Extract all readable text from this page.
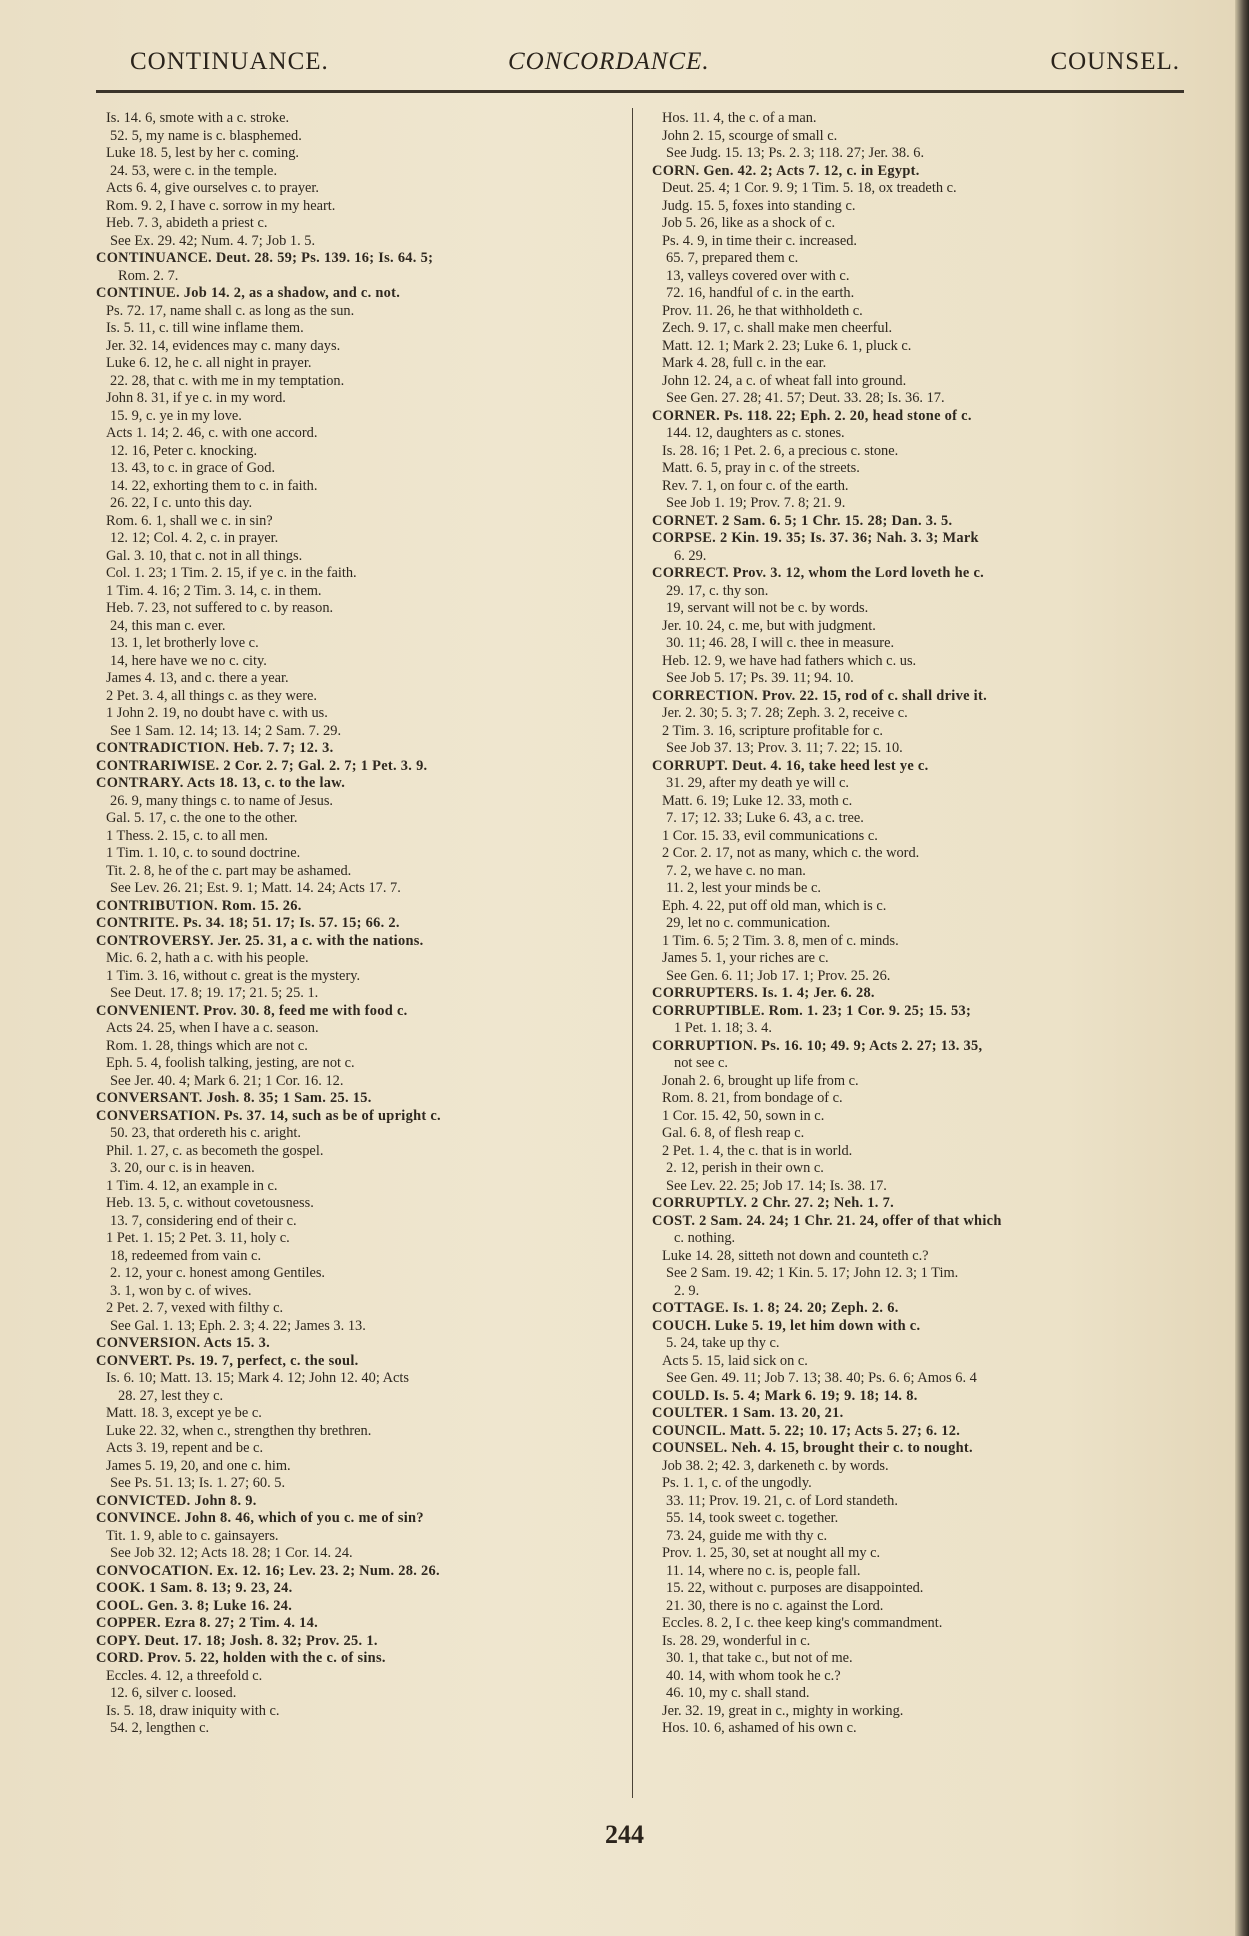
CONTINUANCE.	CONCORDANCE.	COUNSEL.
Is. 14. 6, smote with a c. stroke.
52. 5, my name is c. blasphemed.
Luke 18. 5, lest by her c. coming.
24. 53, were c. in the temple.
Acts 6. 4, give ourselves c. to prayer.
Rom. 9. 2, I have c. sorrow in my heart.
Heb. 7. 3, abideth a priest c.
See Ex. 29. 42; Num. 4. 7; Job 1. 5.
CONTINUANCE. Deut. 28. 59; Ps. 139. 16; Is. 64. 5;
Rom. 2. 7.
CONTINUE. Job 14. 2, as a shadow, and c. not.
Ps. 72. 17, name shall c. as long as the sun.
Is. 5. 11, c. till wine inflame them.
Jer. 32. 14, evidences may c. many days.
Luke 6. 12, he c. all night in prayer.
22. 28, that c. with me in my temptation.
John 8. 31, if ye c. in my word.
15. 9, c. ye in my love.
Acts 1. 14; 2. 46, c. with one accord.
12. 16, Peter c. knocking.
13. 43, to c. in grace of God.
14. 22, exhorting them to c. in faith.
26. 22, I c. unto this day.
Rom. 6. 1, shall we c. in sin?
12. 12; Col. 4. 2, c. in prayer.
Gal. 3. 10, that c. not in all things.
Col. 1. 23; 1 Tim. 2. 15, if ye c. in the faith.
1 Tim. 4. 16; 2 Tim. 3. 14, c. in them.
Heb. 7. 23, not suffered to c. by reason.
24, this man c. ever.
13. 1, let brotherly love c.
14, here have we no c. city.
James 4. 13, and c. there a year.
2 Pet. 3. 4, all things c. as they were.
1 John 2. 19, no doubt have c. with us.
See 1 Sam. 12. 14; 13. 14; 2 Sam. 7. 29.
CONTRADICTION. Heb. 7. 7; 12. 3.
CONTRARIWISE. 2 Cor. 2. 7; Gal. 2. 7; 1 Pet. 3. 9.
CONTRARY. Acts 18. 13, c. to the law.
26. 9, many things c. to name of Jesus.
Gal. 5. 17, c. the one to the other.
1 Thess. 2. 15, c. to all men.
1 Tim. 1. 10, c. to sound doctrine.
Tit. 2. 8, he of the c. part may be ashamed.
See Lev. 26. 21; Est. 9. 1; Matt. 14. 24; Acts 17. 7.
CONTRIBUTION. Rom. 15. 26.
CONTRITE. Ps. 34. 18; 51. 17; Is. 57. 15; 66. 2.
CONTROVERSY. Jer. 25. 31, a c. with the nations.
Mic. 6. 2, hath a c. with his people.
1 Tim. 3. 16, without c. great is the mystery.
See Deut. 17. 8; 19. 17; 21. 5; 25. 1.
CONVENIENT. Prov. 30. 8, feed me with food c.
Acts 24. 25, when I have a c. season.
Rom. 1. 28, things which are not c.
Eph. 5. 4, foolish talking, jesting, are not c.
See Jer. 40. 4; Mark 6. 21; 1 Cor. 16. 12.
CONVERSANT. Josh. 8. 35; 1 Sam. 25. 15.
CONVERSATION. Ps. 37. 14, such as be of upright c.
50. 23, that ordereth his c. aright.
Phil. 1. 27, c. as becometh the gospel.
3. 20, our c. is in heaven.
1 Tim. 4. 12, an example in c.
Heb. 13. 5, c. without covetousness.
13. 7, considering end of their c.
1 Pet. 1. 15; 2 Pet. 3. 11, holy c.
18, redeemed from vain c.
2. 12, your c. honest among Gentiles.
3. 1, won by c. of wives.
2 Pet. 2. 7, vexed with filthy c.
See Gal. 1. 13; Eph. 2. 3; 4. 22; James 3. 13.
CONVERSION. Acts 15. 3.
CONVERT. Ps. 19. 7, perfect, c. the soul.
Is. 6. 10; Matt. 13. 15; Mark 4. 12; John 12. 40; Acts
28. 27, lest they c.
Matt. 18. 3, except ye be c.
Luke 22. 32, when c., strengthen thy brethren.
Acts 3. 19, repent and be c.
James 5. 19, 20, and one c. him.
See Ps. 51. 13; Is. 1. 27; 60. 5.
CONVICTED. John 8. 9.
CONVINCE. John 8. 46, which of you c. me of sin?
Tit. 1. 9, able to c. gainsayers.
See Job 32. 12; Acts 18. 28; 1 Cor. 14. 24.
CONVOCATION. Ex. 12. 16; Lev. 23. 2; Num. 28. 26.
COOK. 1 Sam. 8. 13; 9. 23, 24.
COOL. Gen. 3. 8; Luke 16. 24.
COPPER. Ezra 8. 27; 2 Tim. 4. 14.
COPY. Deut. 17. 18; Josh. 8. 32; Prov. 25. 1.
CORD. Prov. 5. 22, holden with the c. of sins.
Eccles. 4. 12, a threefold c.
12. 6, silver c. loosed.
Is. 5. 18, draw iniquity with c.
54. 2, lengthen c.
Hos. 11. 4, the c. of a man.
John 2. 15, scourge of small c.
See Judg. 15. 13; Ps. 2. 3; 118. 27; Jer. 38. 6.
CORN. Gen. 42. 2; Acts 7. 12, c. in Egypt.
Deut. 25. 4; 1 Cor. 9. 9; 1 Tim. 5. 18, ox treadeth c.
Judg. 15. 5, foxes into standing c.
Job 5. 26, like as a shock of c.
Ps. 4. 9, in time their c. increased.
65. 7, prepared them c.
13, valleys covered over with c.
72. 16, handful of c. in the earth.
Prov. 11. 26, he that withholdeth c.
Zech. 9. 17, c. shall make men cheerful.
Matt. 12. 1; Mark 2. 23; Luke 6. 1, pluck c.
Mark 4. 28, full c. in the ear.
John 12. 24, a c. of wheat fall into ground.
See Gen. 27. 28; 41. 57; Deut. 33. 28; Is. 36. 17.
CORNER. Ps. 118. 22; Eph. 2. 20, head stone of c.
144. 12, daughters as c. stones.
Is. 28. 16; 1 Pet. 2. 6, a precious c. stone.
Matt. 6. 5, pray in c. of the streets.
Rev. 7. 1, on four c. of the earth.
See Job 1. 19; Prov. 7. 8; 21. 9.
CORNET. 2 Sam. 6. 5; 1 Chr. 15. 28; Dan. 3. 5.
CORPSE. 2 Kin. 19. 35; Is. 37. 36; Nah. 3. 3; Mark
6. 29.
CORRECT. Prov. 3. 12, whom the Lord loveth he c.
29. 17, c. thy son.
19, servant will not be c. by words.
Jer. 10. 24, c. me, but with judgment.
30. 11; 46. 28, I will c. thee in measure.
Heb. 12. 9, we have had fathers which c. us.
See Job 5. 17; Ps. 39. 11; 94. 10.
CORRECTION. Prov. 22. 15, rod of c. shall drive it.
Jer. 2. 30; 5. 3; 7. 28; Zeph. 3. 2, receive c.
2 Tim. 3. 16, scripture profitable for c.
See Job 37. 13; Prov. 3. 11; 7. 22; 15. 10.
CORRUPT. Deut. 4. 16, take heed lest ye c.
31. 29, after my death ye will c.
Matt. 6. 19; Luke 12. 33, moth c.
7. 17; 12. 33; Luke 6. 43, a c. tree.
1 Cor. 15. 33, evil communications c.
2 Cor. 2. 17, not as many, which c. the word.
7. 2, we have c. no man.
11. 2, lest your minds be c.
Eph. 4. 22, put off old man, which is c.
29, let no c. communication.
1 Tim. 6. 5; 2 Tim. 3. 8, men of c. minds.
James 5. 1, your riches are c.
See Gen. 6. 11; Job 17. 1; Prov. 25. 26.
CORRUPTERS. Is. 1. 4; Jer. 6. 28.
CORRUPTIBLE. Rom. 1. 23; 1 Cor. 9. 25; 15. 53;
1 Pet. 1. 18; 3. 4.
CORRUPTION. Ps. 16. 10; 49. 9; Acts 2. 27; 13. 35,
not see c.
Jonah 2. 6, brought up life from c.
Rom. 8. 21, from bondage of c.
1 Cor. 15. 42, 50, sown in c.
Gal. 6. 8, of flesh reap c.
2 Pet. 1. 4, the c. that is in world.
2. 12, perish in their own c.
See Lev. 22. 25; Job 17. 14; Is. 38. 17.
CORRUPTLY. 2 Chr. 27. 2; Neh. 1. 7.
COST. 2 Sam. 24. 24; 1 Chr. 21. 24, offer of that which
c. nothing.
Luke 14. 28, sitteth not down and counteth c.?
See 2 Sam. 19. 42; 1 Kin. 5. 17; John 12. 3; 1 Tim.
2. 9.
COTTAGE. Is. 1. 8; 24. 20; Zeph. 2. 6.
COUCH. Luke 5. 19, let him down with c.
5. 24, take up thy c.
Acts 5. 15, laid sick on c.
See Gen. 49. 11; Job 7. 13; 38. 40; Ps. 6. 6; Amos 6. 4
COULD. Is. 5. 4; Mark 6. 19; 9. 18; 14. 8.
COULTER. 1 Sam. 13. 20, 21.
COUNCIL. Matt. 5. 22; 10. 17; Acts 5. 27; 6. 12.
COUNSEL. Neh. 4. 15, brought their c. to nought.
Job 38. 2; 42. 3, darkeneth c. by words.
Ps. 1. 1, c. of the ungodly.
33. 11; Prov. 19. 21, c. of Lord standeth.
55. 14, took sweet c. together.
73. 24, guide me with thy c.
Prov. 1. 25, 30, set at nought all my c.
11. 14, where no c. is, people fall.
15. 22, without c. purposes are disappointed.
21. 30, there is no c. against the Lord.
Eccles. 8. 2, I c. thee keep king's commandment.
Is. 28. 29, wonderful in c.
30. 1, that take c., but not of me.
40. 14, with whom took he c.?
46. 10, my c. shall stand.
Jer. 32. 19, great in c., mighty in working.
Hos. 10. 6, ashamed of his own c.
244
